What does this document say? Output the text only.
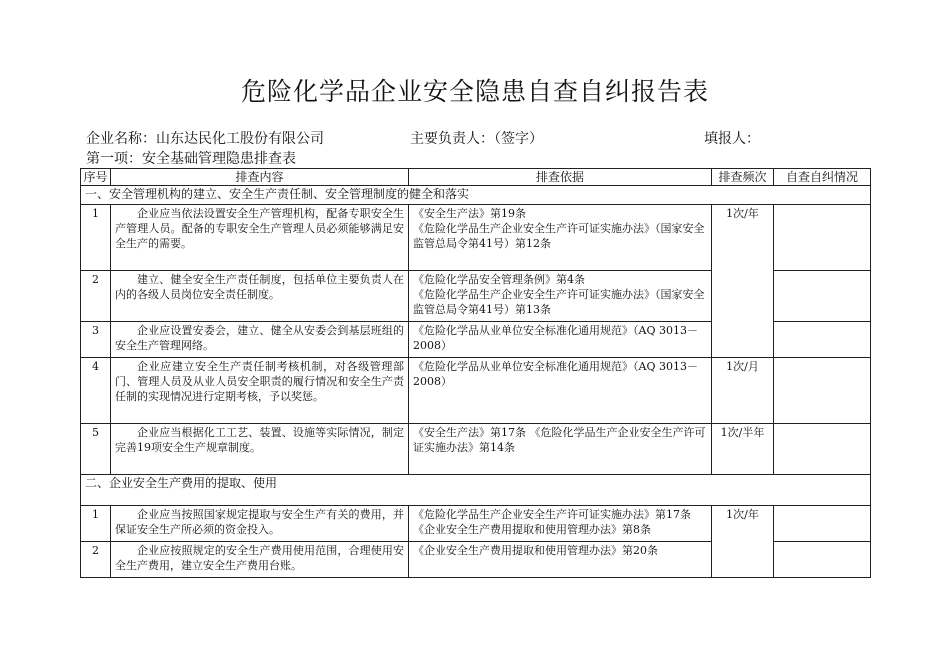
危险化学品企业安全隐患自查自纠报告表
企业名称：山东达民化工股份有限公司	主要负责人：（签字）	填报人：
第一项：安全基础管理隐患排查表
序号	排查内容	排查依据	排查频次	自查自纠情况
一、安全管理机构的建立、安全生产责任制、安全管理制度的健全和落实				
1	企业应当依法设置安全生产管理机构，配备专职安全生产管理人员。配备的专职安全生产管理人员必须能够满足安全生产的需要。	《安全生产法》第19条
《危险化学品生产企业安全生产许可证实施办法》（国家安全监管总局令第41号）第12条	1次/年	
2	建立、健全安全生产责任制度，包括单位主要负责人在内的各级人员岗位安全责任制度。	《危险化学品安全管理条例》第4条
《危险化学品生产企业安全生产许可证实施办法》（国家安全监管总局令第41号）第13条		

3	企业应设置安委会，建立、健全从安委会到基层班组的安全生产管理网络。	《危险化学品从业单位安全标准化通用规范》（AQ 3013－2008）		

4	企业应建立安全生产责任制考核机制，对各级管理部门、管理人员及从业人员安全职责的履行情况和安全生产责任制的实现情况进行定期考核，予以奖惩。	《危险化学品从业单位安全标准化通用规范》（AQ 3013－2008）	1次/月	
5	企业应当根据化工工艺、装置、设施等实际情况，制定完善19项安全生产规章制度。	《安全生产法》第17条 《危险化学品生产企业安全生产许可证实施办法》第14条	1次/半年	
二、企业安全生产费用的提取、使用				
1	企业应当按照国家规定提取与安全生产有关的费用，并保证安全生产所必须的资金投入。	《危险化学品生产企业安全生产许可证实施办法》第17条 《企业安全生产费用提取和使用管理办法》第8条	1次/年	
2	企业应按照规定的安全生产费用使用范围，合理使用安全生产费用，建立安全生产费用台账。	《企业安全生产费用提取和使用管理办法》第20条		
